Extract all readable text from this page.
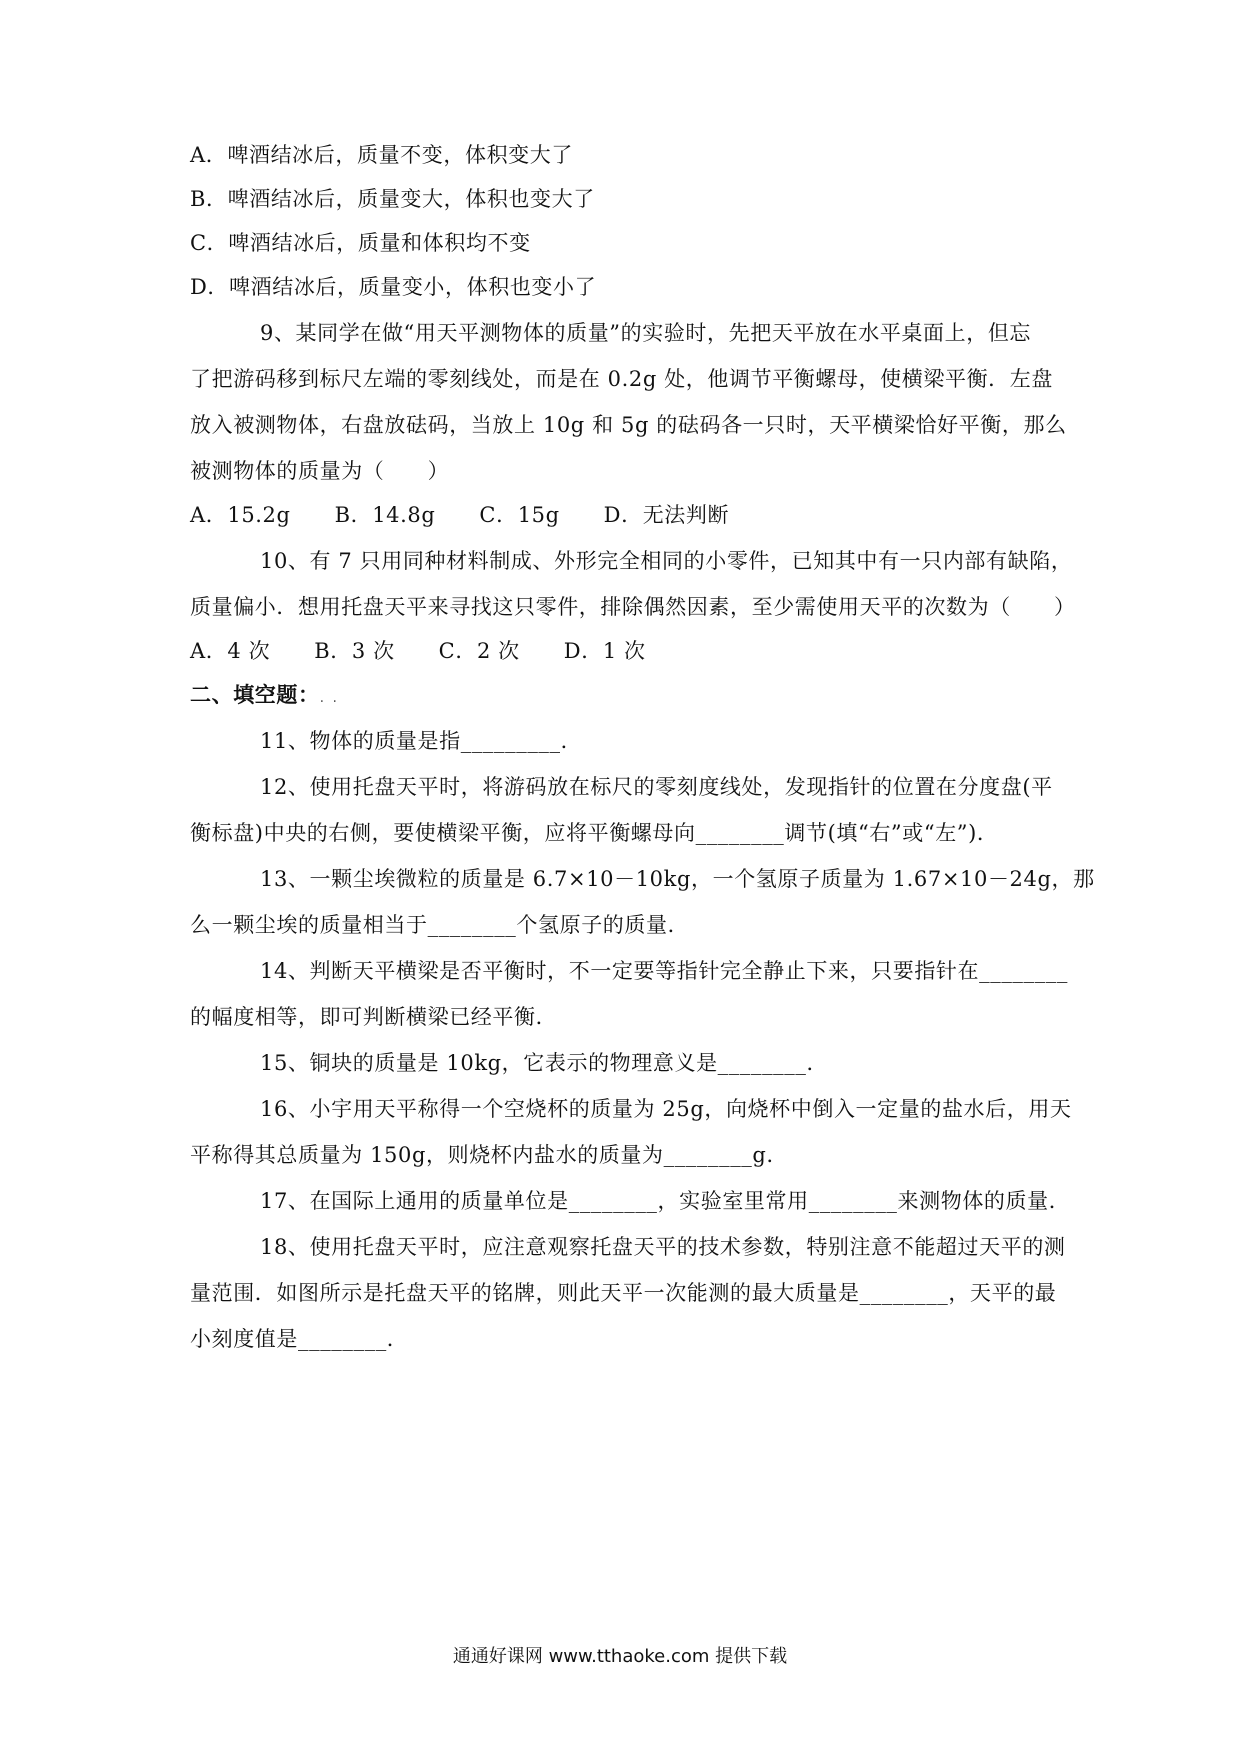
A．啤酒结冰后，质量不变，体积变大了
B．啤酒结冰后，质量变大，体积也变大了
C．啤酒结冰后，质量和体积均不变
D．啤酒结冰后，质量变小，体积也变小了
9、某同学在做“用天平测物体的质量”的实验时，先把天平放在水平桌面上，但忘
了把游码移到标尺左端的零刻线处，而是在 0.2g 处，他调节平衡螺母，使横梁平衡．左盘
放入被测物体，右盘放砝码，当放上 10g 和 5g 的砝码各一只时，天平横梁恰好平衡，那么
被测物体的质量为（　　）
A．15.2g B．14.8g C．15g D．无法判断
10、有 7 只用同种材料制成、外形完全相同的小零件，已知其中有一只内部有缺陷，
质量偏小．想用托盘天平来寻找这只零件，排除偶然因素，至少需使用天平的次数为（　　）
A．4 次 B．3 次 C．2 次 D．1 次
二、填空题：. .
11、物体的质量是指_________．
12、使用托盘天平时，将游码放在标尺的零刻度线处，发现指针的位置在分度盘(平
衡标盘)中央的右侧，要使横梁平衡，应将平衡螺母向________调节(填“右”或“左”)．
13、一颗尘埃微粒的质量是 6.7×10－10kg，一个氢原子质量为 1.67×10－24g，那
么一颗尘埃的质量相当于________个氢原子的质量．
14、判断天平横梁是否平衡时，不一定要等指针完全静止下来，只要指针在________
的幅度相等，即可判断横梁已经平衡．
15、铜块的质量是 10kg，它表示的物理意义是________．
16、小宇用天平称得一个空烧杯的质量为 25g，向烧杯中倒入一定量的盐水后，用天
平称得其总质量为 150g，则烧杯内盐水的质量为________g．
17、在国际上通用的质量单位是________，实验室里常用________来测物体的质量．
18、使用托盘天平时，应注意观察托盘天平的技术参数，特别注意不能超过天平的测
量范围．如图所示是托盘天平的铭牌，则此天平一次能测的最大质量是________，天平的最
小刻度值是________．
通通好课网 www.tthaoke.com 提供下载
